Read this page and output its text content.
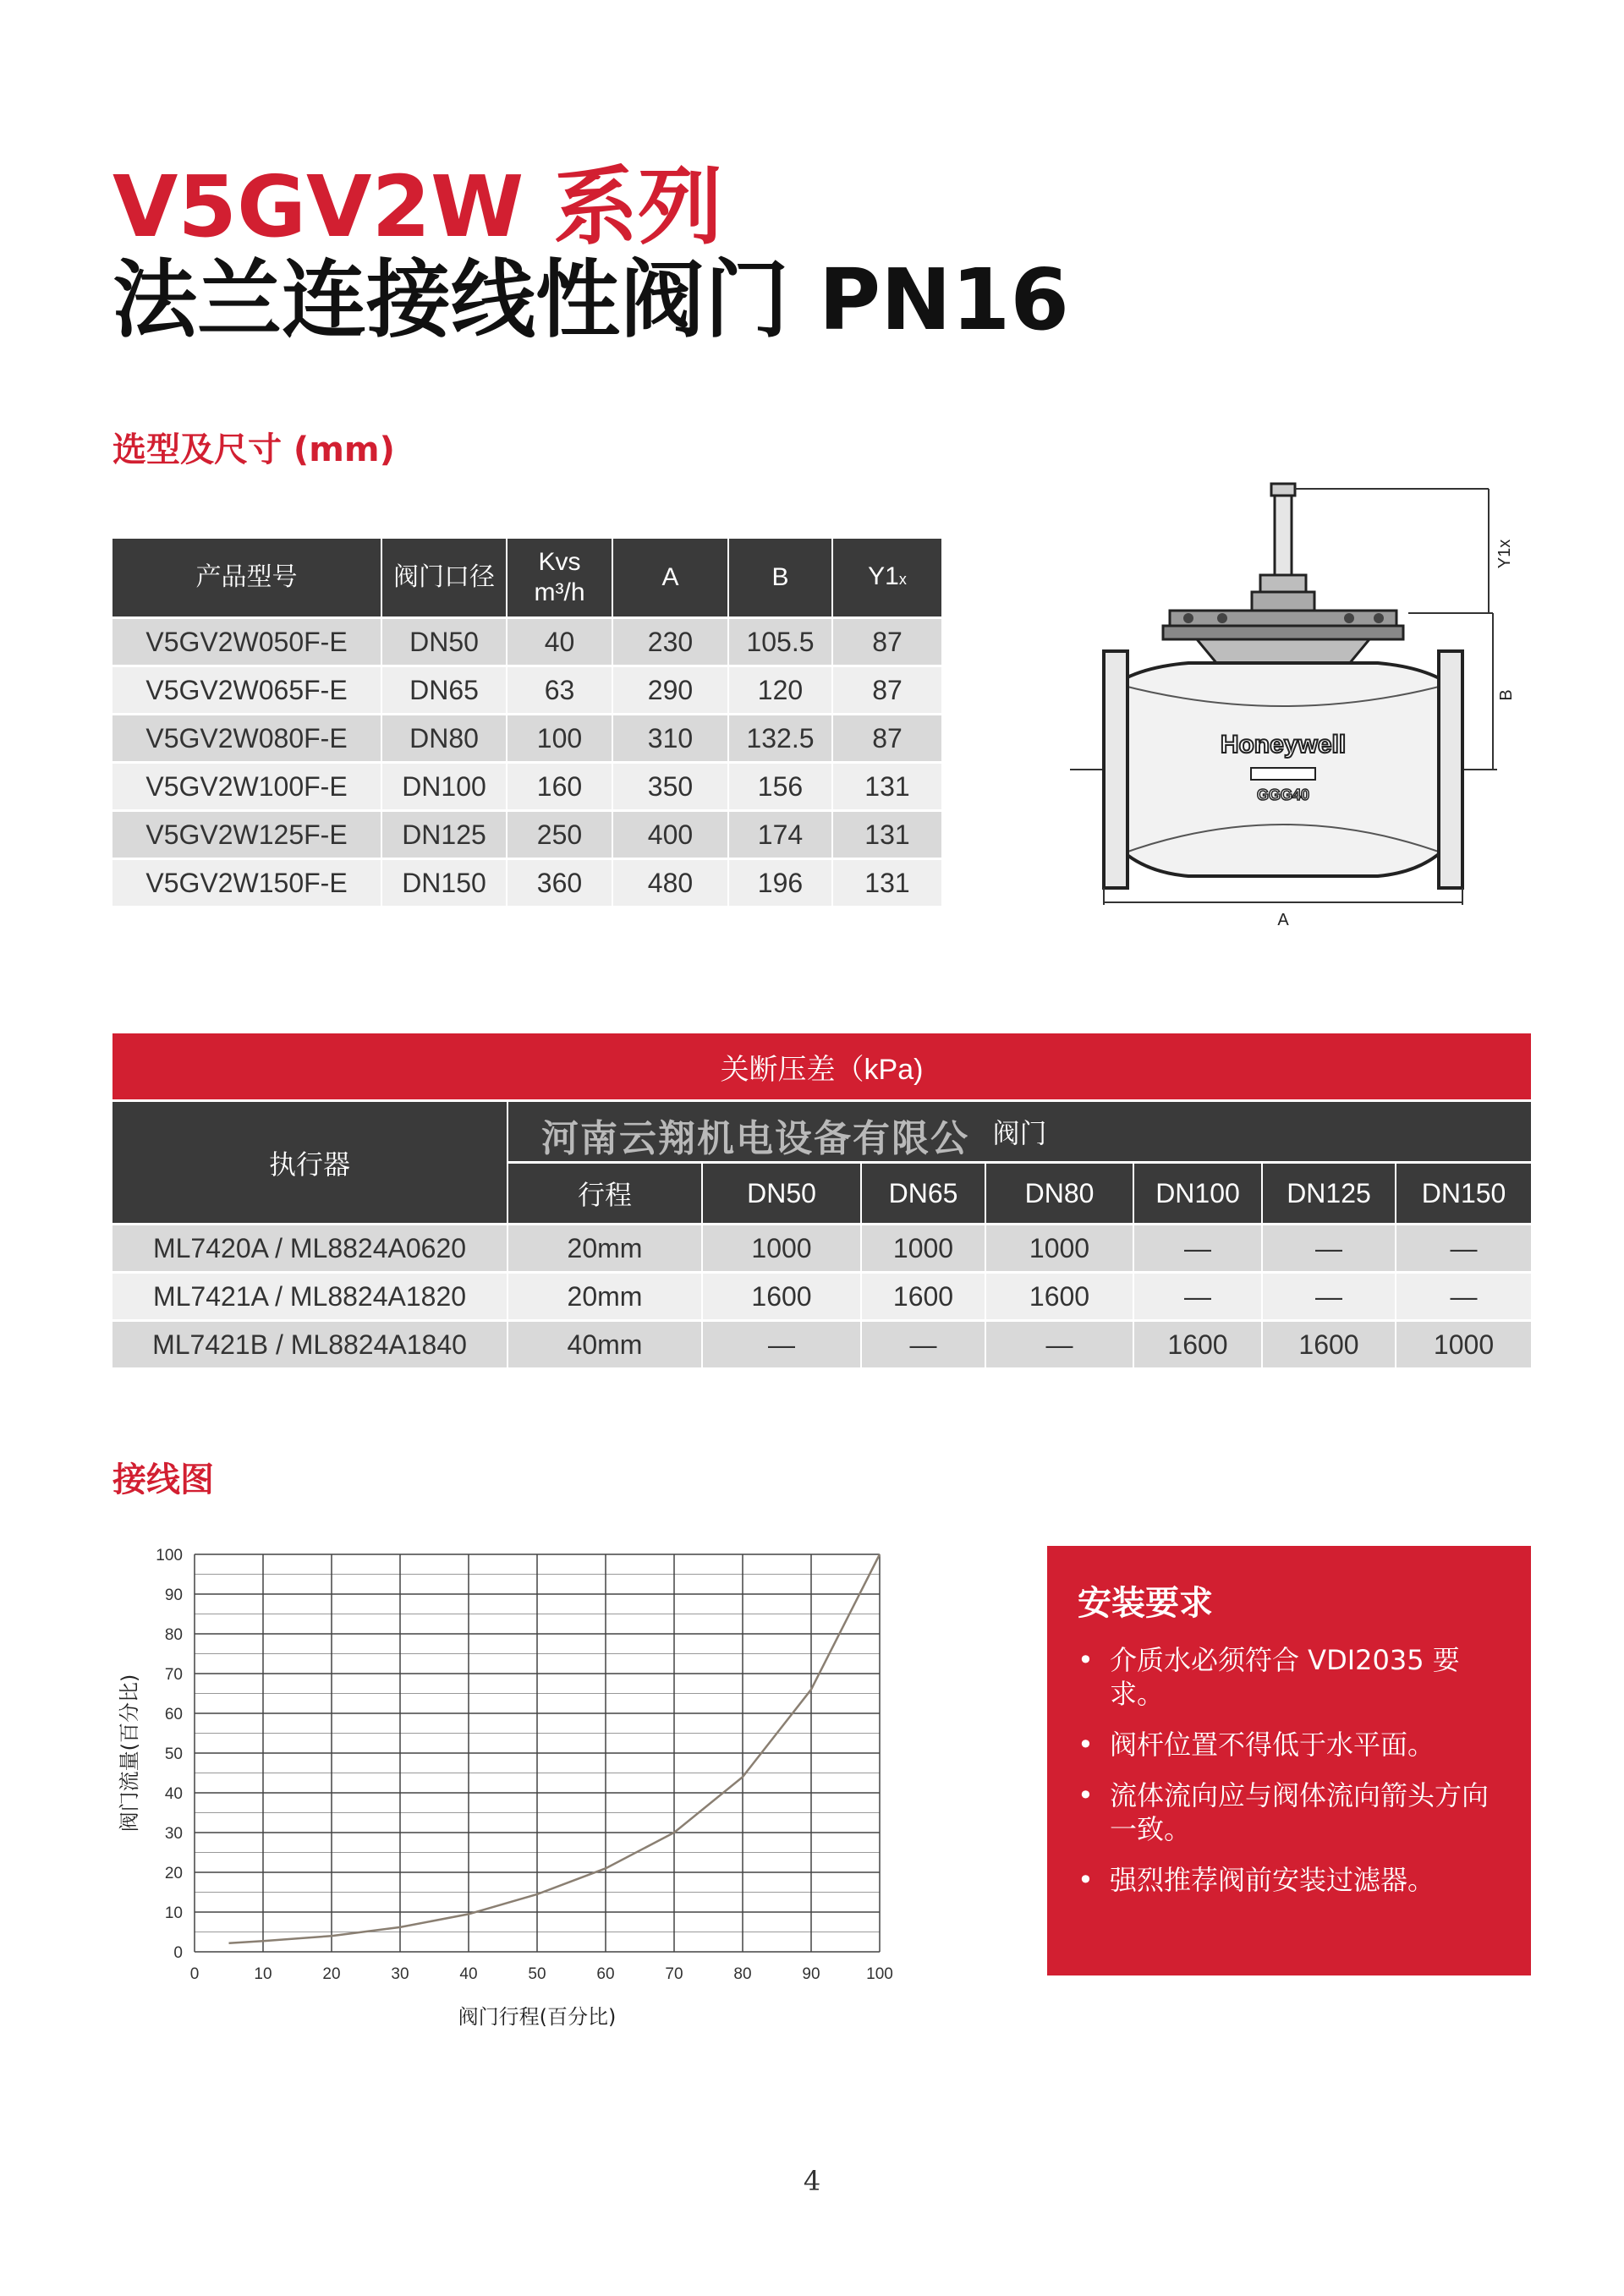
V5GV2W 系列
法兰连接线性阀门 PN16
选型及尺寸 (mm)
产品型号	阀门口径	Kvs
m³/h	A	B	Y1x
V5GV2W050F-E	DN50	40	230	105.5	87
V5GV2W065F-E	DN65	63	290	120	87
V5GV2W080F-E	DN80	100	310	132.5	87
V5GV2W100F-E	DN100	160	350	156	131
V5GV2W125F-E	DN125	250	400	174	131
V5GV2W150F-E	DN150	360	480	196	131
Y1x
B
Honeywell
GGG40
A
关断压差（kPa)							
执行器	阀门						
	行程	DN50	DN65	DN80	DN100	DN125	DN150
ML7420A / ML8824A0620	20mm	1000	1000	1000	—	—	—
ML7421A / ML8824A1820	20mm	1600	1600	1600	—	—	—
ML7421B / ML8824A1840	40mm	—	—	—	1600	1600	1000
河南云翔机电设备有限公
接线图
0	10	20	30	40	50	60	70	80	90	100
0
10
20
30
40
50
60
70
80
90
100
阀门行程(百分比)
阀门流量(百分比)
安装要求
• 介质水必须符合 VDI2035 要求。
• 阀杆位置不得低于水平面。
• 流体流向应与阀体流向箭头方向一致。
• 强烈推荐阀前安装过滤器。
4
